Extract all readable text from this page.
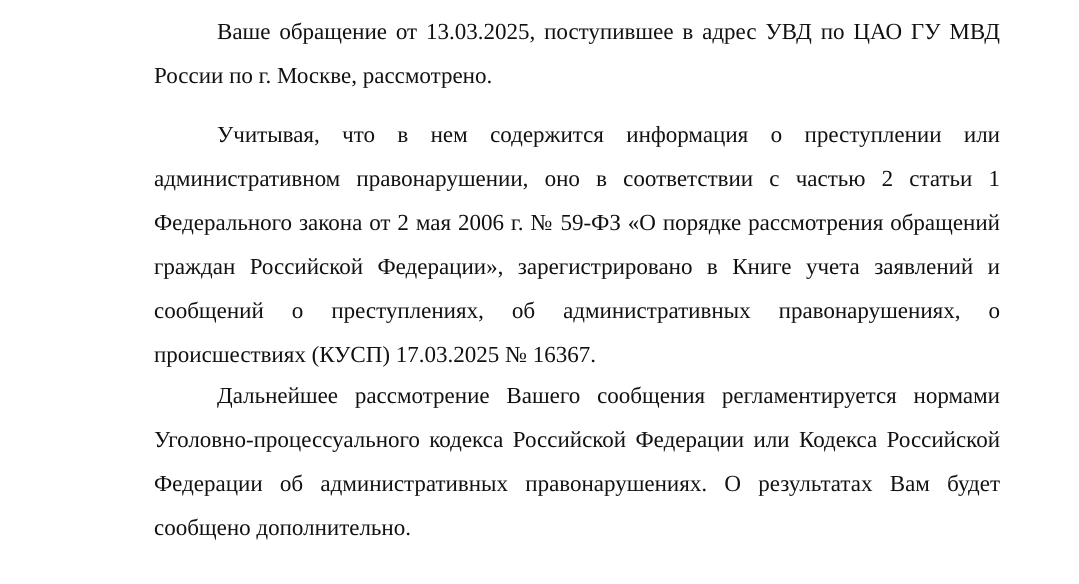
Ваше обращение от 13.03.2025, поступившее в адрес УВД по ЦАО ГУ МВД России по г. Москве, рассмотрено.

Учитывая, что в нем содержится информация о преступлении или административном правонарушении, оно в соответствии с частью 2 статьи 1 Федерального закона от 2 мая 2006 г. № 59-ФЗ «О порядке рассмотрения обращений граждан Российской Федерации», зарегистрировано в Книге учета заявлений и сообщений о преступлениях, об административных правонарушениях, о происшествиях (КУСП) 17.03.2025 № 16367.

Дальнейшее рассмотрение Вашего сообщения регламентируется нормами Уголовно-процессуального кодекса Российской Федерации или Кодекса Российской Федерации об административных правонарушениях. О результатах Вам будет сообщено дополнительно.
